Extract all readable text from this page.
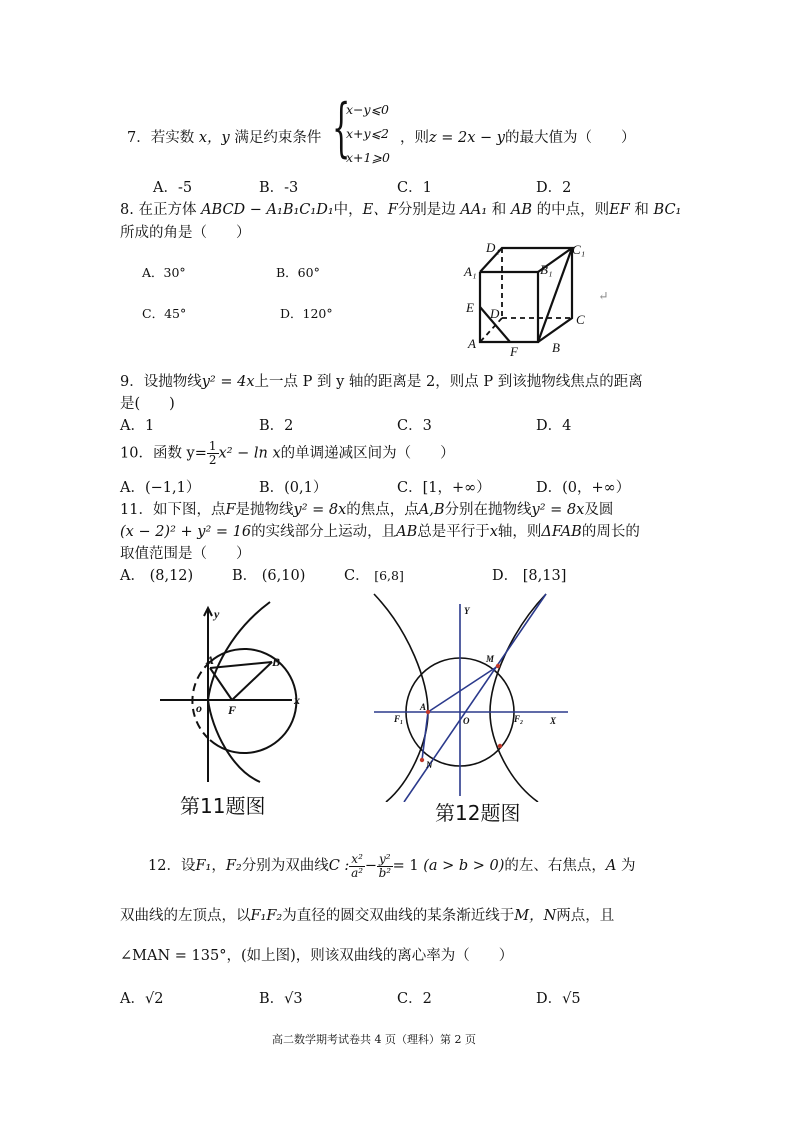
7．若实数 x，y 满足约束条件 {
x−y⩽0
x+y⩽2
x+1⩾0
，则z = 2x − y的最大值为（　　）
A．-5	B．-3	C．1	D．2
8. 在正方体 ABCD − A₁B₁C₁D₁中，E、F分别是边 AA₁ 和 AB 的中点，则EF 和 BC₁
所成的角是（　　）
A．30°	B．60°
C．45°	D．120°
D₁	C₁
A₁	B₁
E D	C
A
F	B
↵
9．设抛物线y² = 4x上一点 P 到 y 轴的距离是 2，则点 P 到该抛物线焦点的距离
是(　　)
A．1	B．2	C．3	D．4
10．函数 $y= \frac{1}{2} x^2 - \ln x$的单调递减区间为（　　）
A．(−1,1）	B．(0,1）	C．[1，+∞）	D．(0，+∞）
11．如下图，点F是抛物线y² = 8x的焦点，点A,B分别在抛物线y² = 8x及圆
(x − 2)² + y² = 16的实线部分上运动，且AB总是平行于x轴，则ΔFAB的周长的
取值范围是（　　）
A． (8,12)	B． (6,10)	C． [6,8]	D． [8,13]
y
x
o F
A	B
第11题图
Y
X
O
M
N
A
F₁	F₂
第12题图
12．设F₁，F₂分别为双曲线C : $\frac{\text{x²}}{\text{a²}} - \frac{\text{y²}}{\text{b²}} = 1$ (a > b > 0)的左、右焦点，A 为
双曲线的左顶点，以F₁F₂为直径的圆交双曲线的某条渐近线于M，N两点，且
∠MAN = 135°，(如上图)，则该双曲线的离心率为（　　）
A．√2	B．√3	C．2	D．√5
高二数学期考试卷共 4 页（理科）第 2 页
